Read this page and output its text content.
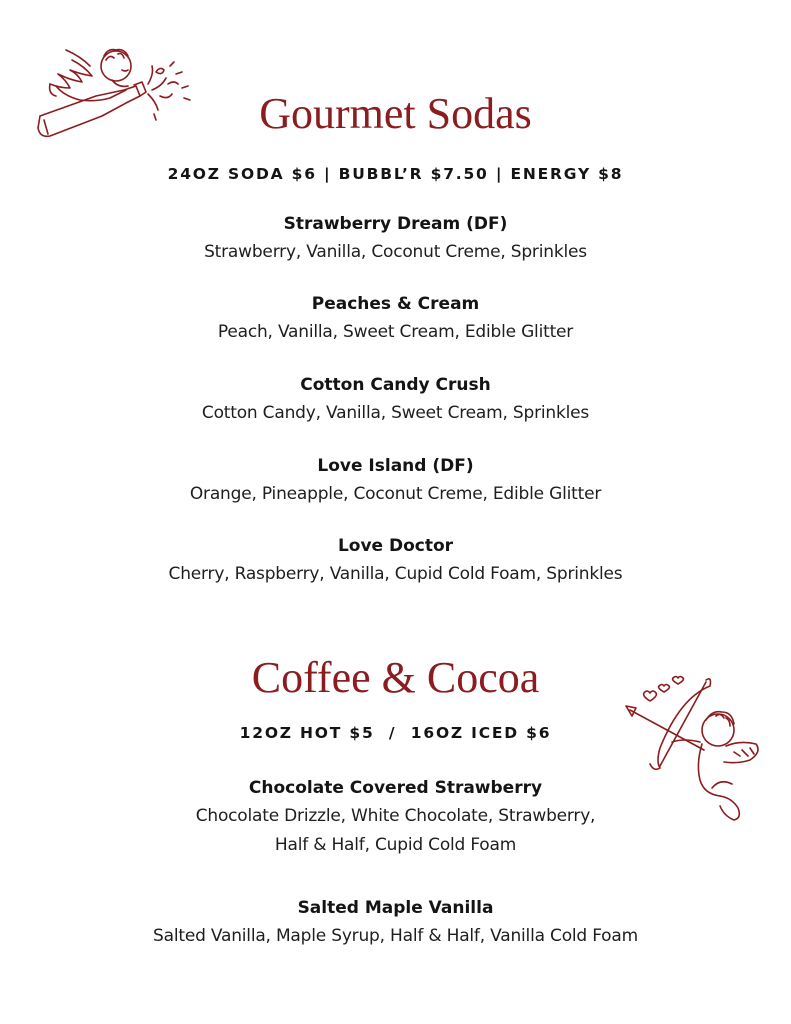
Gourmet Sodas
24OZ SODA $6 | BUBBL’R $7.50 | ENERGY $8
Strawberry Dream (DF)
Strawberry, Vanilla, Coconut Creme, Sprinkles
Peaches & Cream
Peach, Vanilla, Sweet Cream, Edible Glitter
Cotton Candy Crush
Cotton Candy, Vanilla, Sweet Cream, Sprinkles
Love Island (DF)
Orange, Pineapple, Coconut Creme, Edible Glitter
Love Doctor
Cherry, Raspberry, Vanilla, Cupid Cold Foam, Sprinkles
Coffee & Cocoa
12OZ HOT $5  /  16OZ ICED $6
Chocolate Covered Strawberry
Chocolate Drizzle, White Chocolate, Strawberry,
Half & Half, Cupid Cold Foam
Salted Maple Vanilla
Salted Vanilla, Maple Syrup, Half & Half, Vanilla Cold Foam
